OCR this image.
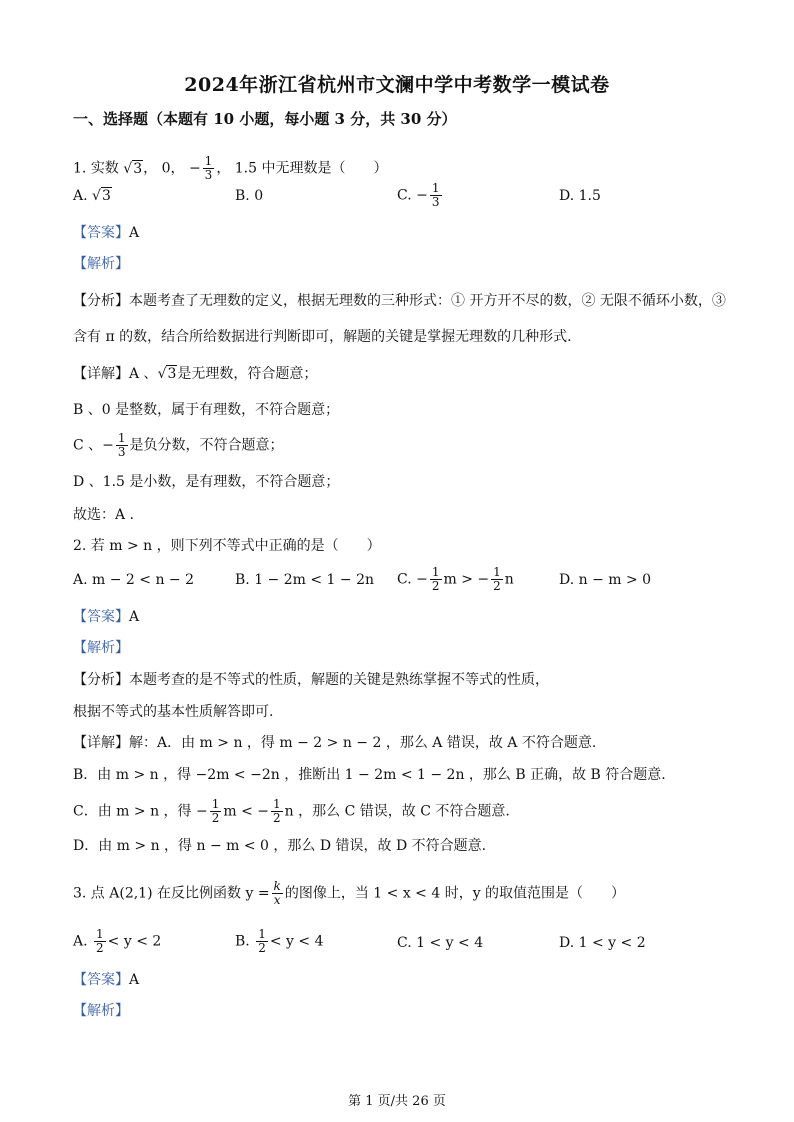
2024年浙江省杭州市文澜中学中考数学一模试卷
一、选择题（本题有 10 小题，每小题 3 分，共 30 分）
1. 实数 √3， 0， − $\frac{1}{3}$ ， 1.5 中无理数是（　　）
A. √3	B. 0	C. − $\frac{1}{3}$	D. 1.5
【答案】A
【解析】
【分析】本题考查了无理数的定义，根据无理数的三种形式：① 开方开不尽的数，② 无限不循环小数，③
含有 π 的数，结合所给数据进行判断即可，解题的关键是掌握无理数的几种形式.
【详解】A 、√3是无理数，符合题意；
B 、0 是整数，属于有理数，不符合题意；
C 、− $\frac{1}{3}$ 是负分数，不符合题意；
D 、1.5 是小数，是有理数，不符合题意；
故选：A .
2. 若 m > n ，则下列不等式中正确的是（　　）
A. m − 2 < n − 2	B. 1 − 2m < 1 − 2n C. − $\frac{1}{2}$ m > − $\frac{1}{2}$ n	D. n − m > 0
【答案】A
【解析】
【分析】本题考查的是不等式的性质，解题的关键是熟练掌握不等式的性质，
根据不等式的基本性质解答即可.
【详解】解：A．由 m > n ，得 m − 2 > n − 2 ，那么 A 错误，故 A 不符合题意.
B．由 m > n ，得 −2m < −2n ，推断出 1 − 2m < 1 − 2n ，那么 B 正确，故 B 符合题意.
C．由 m > n ，得 − $\frac{1}{2}$ m < − $\frac{1}{2}$ n ，那么 C 错误，故 C 不符合题意.
D．由 m > n ，得 n − m < 0 ，那么 D 错误，故 D 不符合题意.
3. 点 A(2,1) 在反比例函数 $y = \frac{k}{x}$ 的图像上，当 1 < x < 4 时，y 的取值范围是（　　）
A. $\frac{1}{2} < y < 2$	B. $\frac{1}{2} < y < 4$	C. 1 < y < 4	D. 1 < y < 2
【答案】A
【解析】
第 1 页/共 26 页
